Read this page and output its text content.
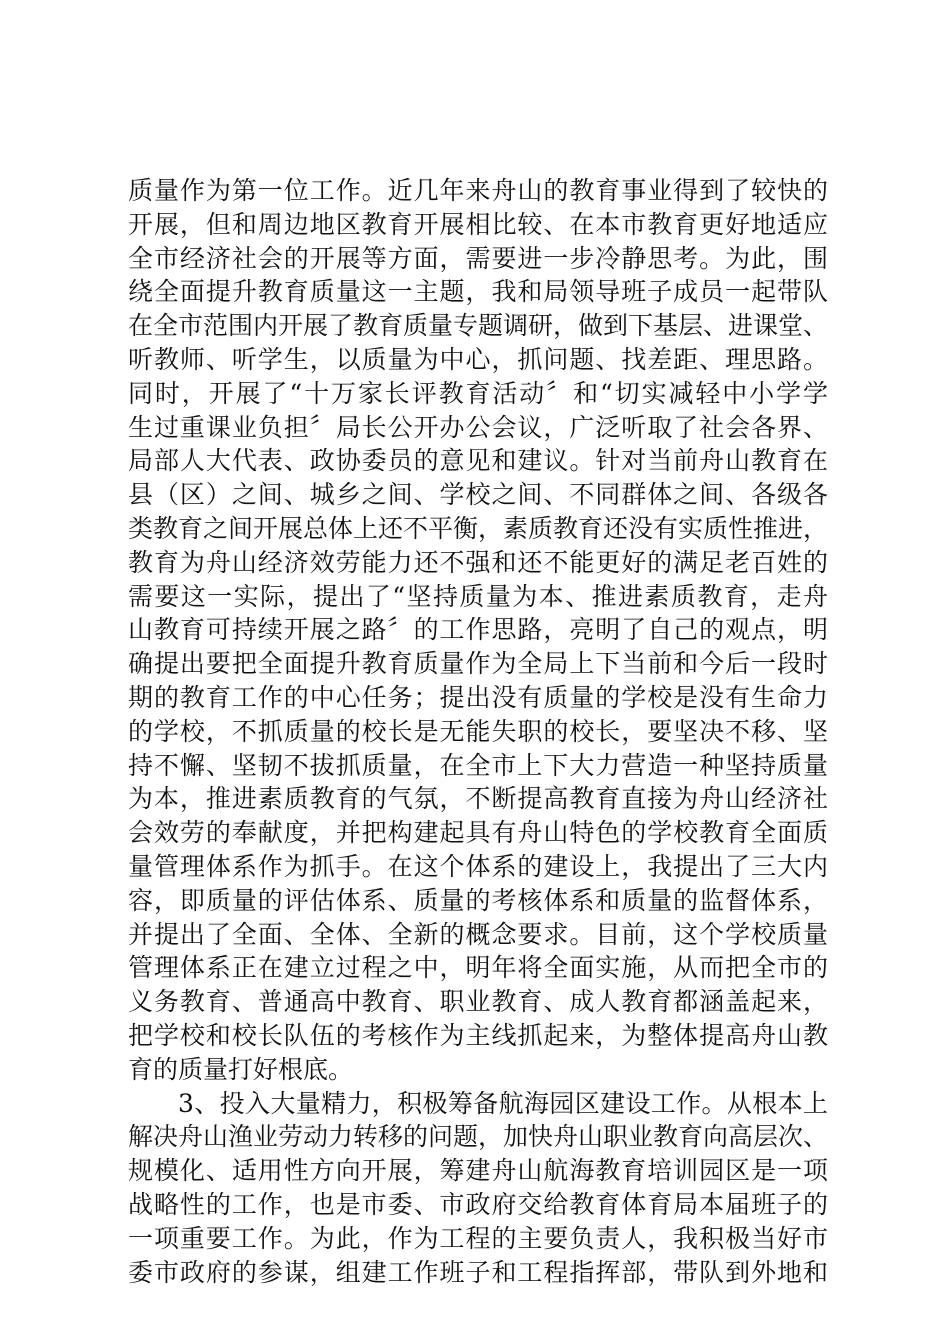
质量作为第一位工作。近几年来舟山的教育事业得到了较快的
开展，但和周边地区教育开展相比较、在本市教育更好地适应
全市经济社会的开展等方面，需要进一步冷静思考。为此，围
绕全面提升教育质量这一主题，我和局领导班子成员一起带队
在全市范围内开展了教育质量专题调研，做到下基层、进课堂、
听教师、听学生，以质量为中心，抓问题、找差距、理思路。
同时，开展了“十万家长评教育活动〞和“切实减轻中小学学
生过重课业负担〞局长公开办公会议，广泛听取了社会各界、
局部人大代表、政协委员的意见和建议。针对当前舟山教育在
县（区）之间、城乡之间、学校之间、不同群体之间、各级各
类教育之间开展总体上还不平衡，素质教育还没有实质性推进，
教育为舟山经济效劳能力还不强和还不能更好的满足老百姓的
需要这一实际，提出了“坚持质量为本、推进素质教育，走舟
山教育可持续开展之路〞的工作思路，亮明了自己的观点，明
确提出要把全面提升教育质量作为全局上下当前和今后一段时
期的教育工作的中心任务；提出没有质量的学校是没有生命力
的学校，不抓质量的校长是无能失职的校长，要坚决不移、坚
持不懈、坚韧不拔抓质量，在全市上下大力营造一种坚持质量
为本，推进素质教育的气氛，不断提高教育直接为舟山经济社
会效劳的奉献度，并把构建起具有舟山特色的学校教育全面质
量管理体系作为抓手。在这个体系的建设上，我提出了三大内
容，即质量的评估体系、质量的考核体系和质量的监督体系，
并提出了全面、全体、全新的概念要求。目前，这个学校质量
管理体系正在建立过程之中，明年将全面实施，从而把全市的
义务教育、普通高中教育、职业教育、成人教育都涵盖起来，
把学校和校长队伍的考核作为主线抓起来，为整体提高舟山教
育的质量打好根底。
3、投入大量精力，积极筹备航海园区建设工作。从根本上
解决舟山渔业劳动力转移的问题，加快舟山职业教育向高层次、
规模化、适用性方向开展，筹建舟山航海教育培训园区是一项
战略性的工作，也是市委、市政府交给教育体育局本届班子的
一项重要工作。为此，作为工程的主要负责人，我积极当好市
委市政府的参谋，组建工作班子和工程指挥部，带队到外地和
